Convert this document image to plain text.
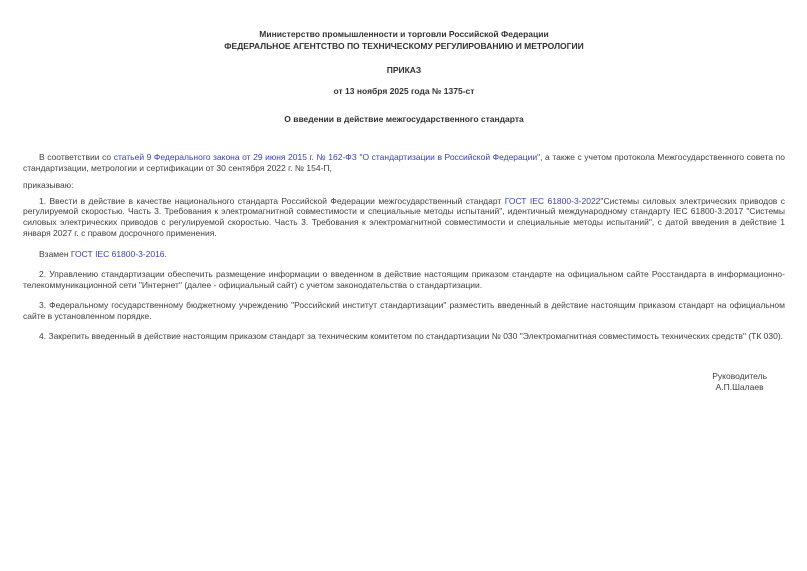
Министерство промышленности и торговли Российской Федерации
ФЕДЕРАЛЬНОЕ АГЕНТСТВО ПО ТЕХНИЧЕСКОМУ РЕГУЛИРОВАНИЮ И МЕТРОЛОГИИ
ПРИКАЗ
от 13 ноября 2025 года № 1375-ст
О введении в действие межгосударственного стандарта

В соответствии со статьей 9 Федерального закона от 29 июня 2015 г. № 162-ФЗ "О стандартизации в Российской Федерации", а также с учетом протокола Межгосударственного совета по стандартизации, метрологии и сертификации от 30 сентября 2022 г. № 154-П,

приказываю:

1. Ввести в действие в качестве национального стандарта Российской Федерации межгосударственный стандарт ГОСТ IEC 61800-3-2022"Системы силовых электрических приводов с регулируемой скоростью. Часть 3. Требования к электромагнитной совместимости и специальные методы испытаний", идентичный международному стандарту IEC 61800-3:2017 "Системы силовых электрических приводов с регулируемой скоростью. Часть 3. Требования к электромагнитной совместимости и специальные методы испытаний", с датой введения в действие 1 января 2027 г. с правом досрочного применения.

Взамен ГОСТ IEC 61800-3-2016.

2. Управлению стандартизации обеспечить размещение информации о введенном в действие настоящим приказом стандарте на официальном сайте Росстандарта в информационно-телекоммуникационной сети "Интернет" (далее - официальный сайт) с учетом законодательства о стандартизации.

3. Федеральному государственному бюджетному учреждению "Российский институт стандартизации" разместить введенный в действие настоящим приказом стандарт на официальном сайте в установленном порядке.

4. Закрепить введенный в действие настоящим приказом стандарт за техническим комитетом по стандартизации № 030 "Электромагнитная совместимость технических средств" (ТК 030).

Руководитель
А.П.Шалаев
